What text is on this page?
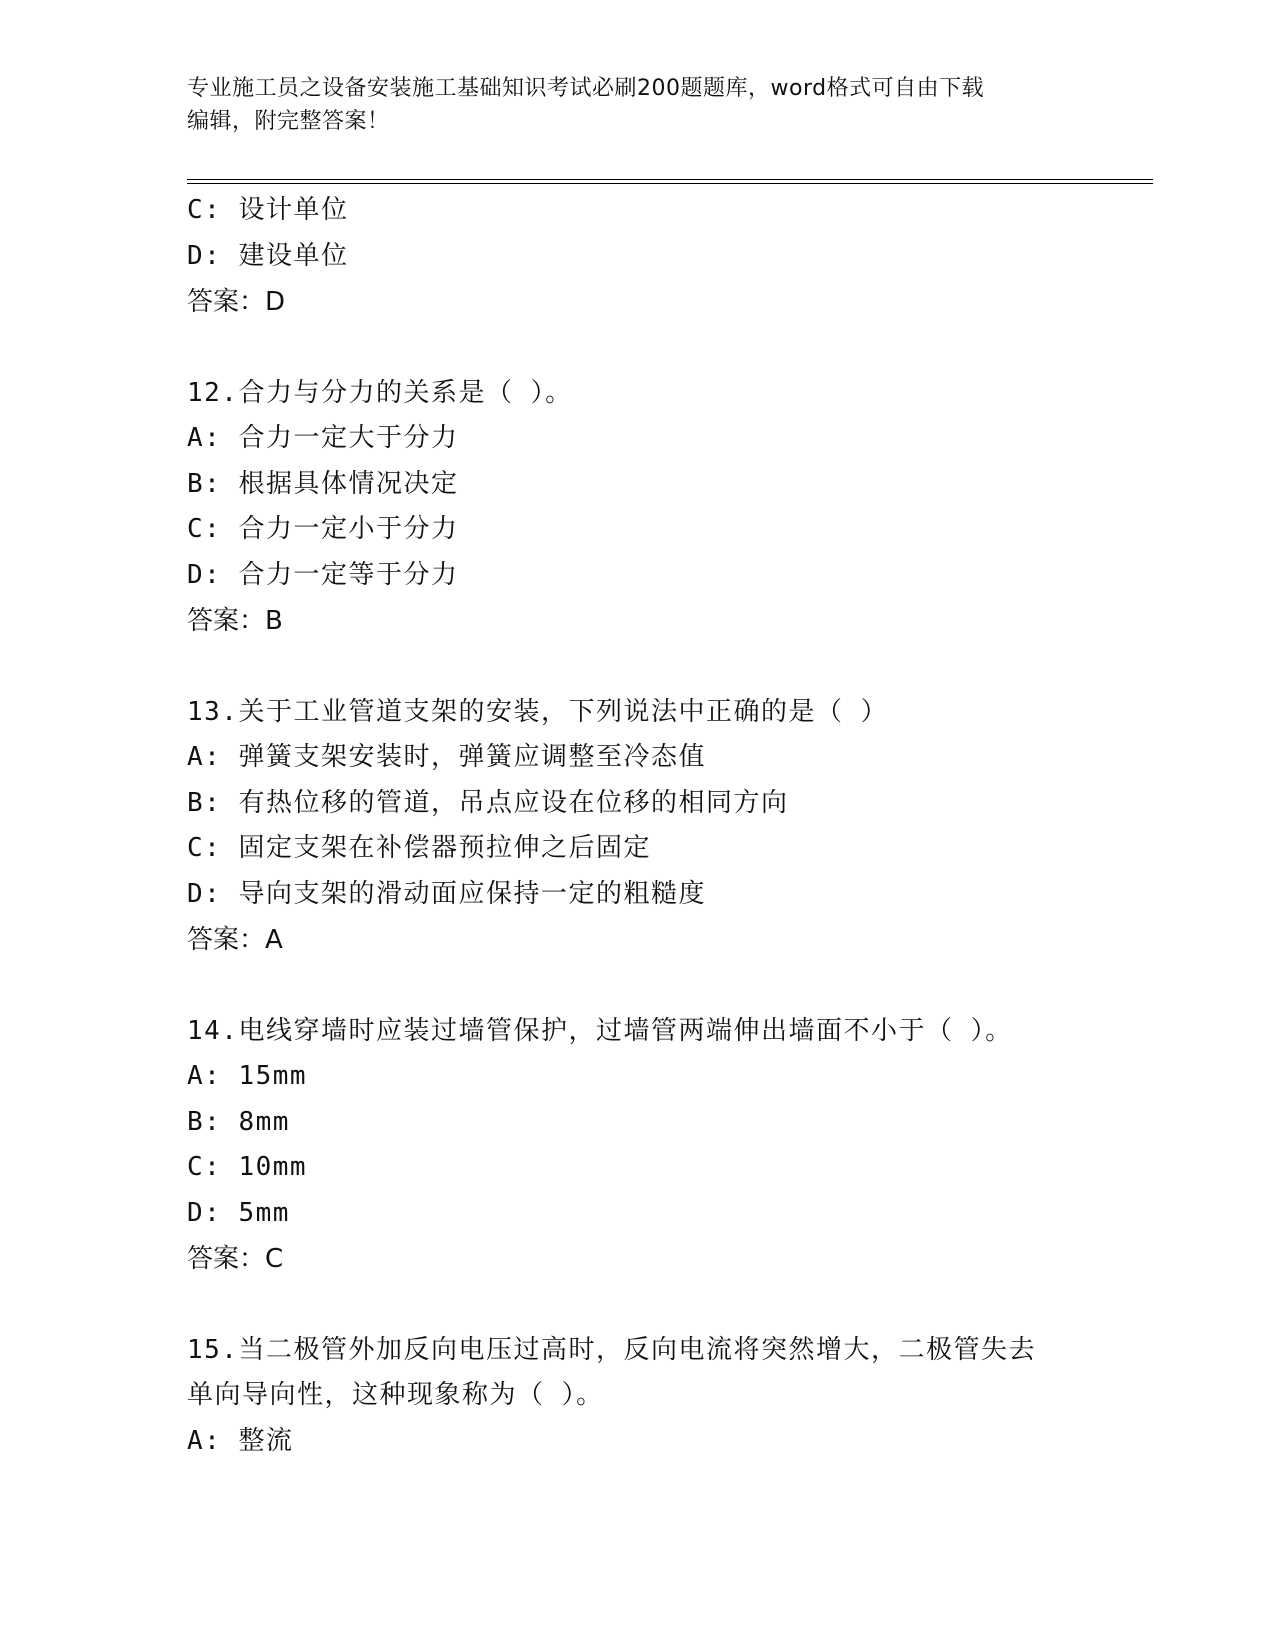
专业施工员之设备安装施工基础知识考试必刷200题题库，word格式可自由下载
编辑，附完整答案！
C: 设计单位
D: 建设单位
答案：D
12.合力与分力的关系是（ ）。
A: 合力一定大于分力
B: 根据具体情况决定
C: 合力一定小于分力
D: 合力一定等于分力
答案：B
13.关于工业管道支架的安装，下列说法中正确的是（ ）
A: 弹簧支架安装时，弹簧应调整至冷态值
B: 有热位移的管道，吊点应设在位移的相同方向
C: 固定支架在补偿器预拉伸之后固定
D: 导向支架的滑动面应保持一定的粗糙度
答案：A
14.电线穿墙时应装过墙管保护，过墙管两端伸出墙面不小于（ ）。
A: 15mm
B: 8mm
C: 10mm
D: 5mm
答案：C
15.当二极管外加反向电压过高时，反向电流将突然增大，二极管失去
单向导向性，这种现象称为（ ）。
A: 整流
